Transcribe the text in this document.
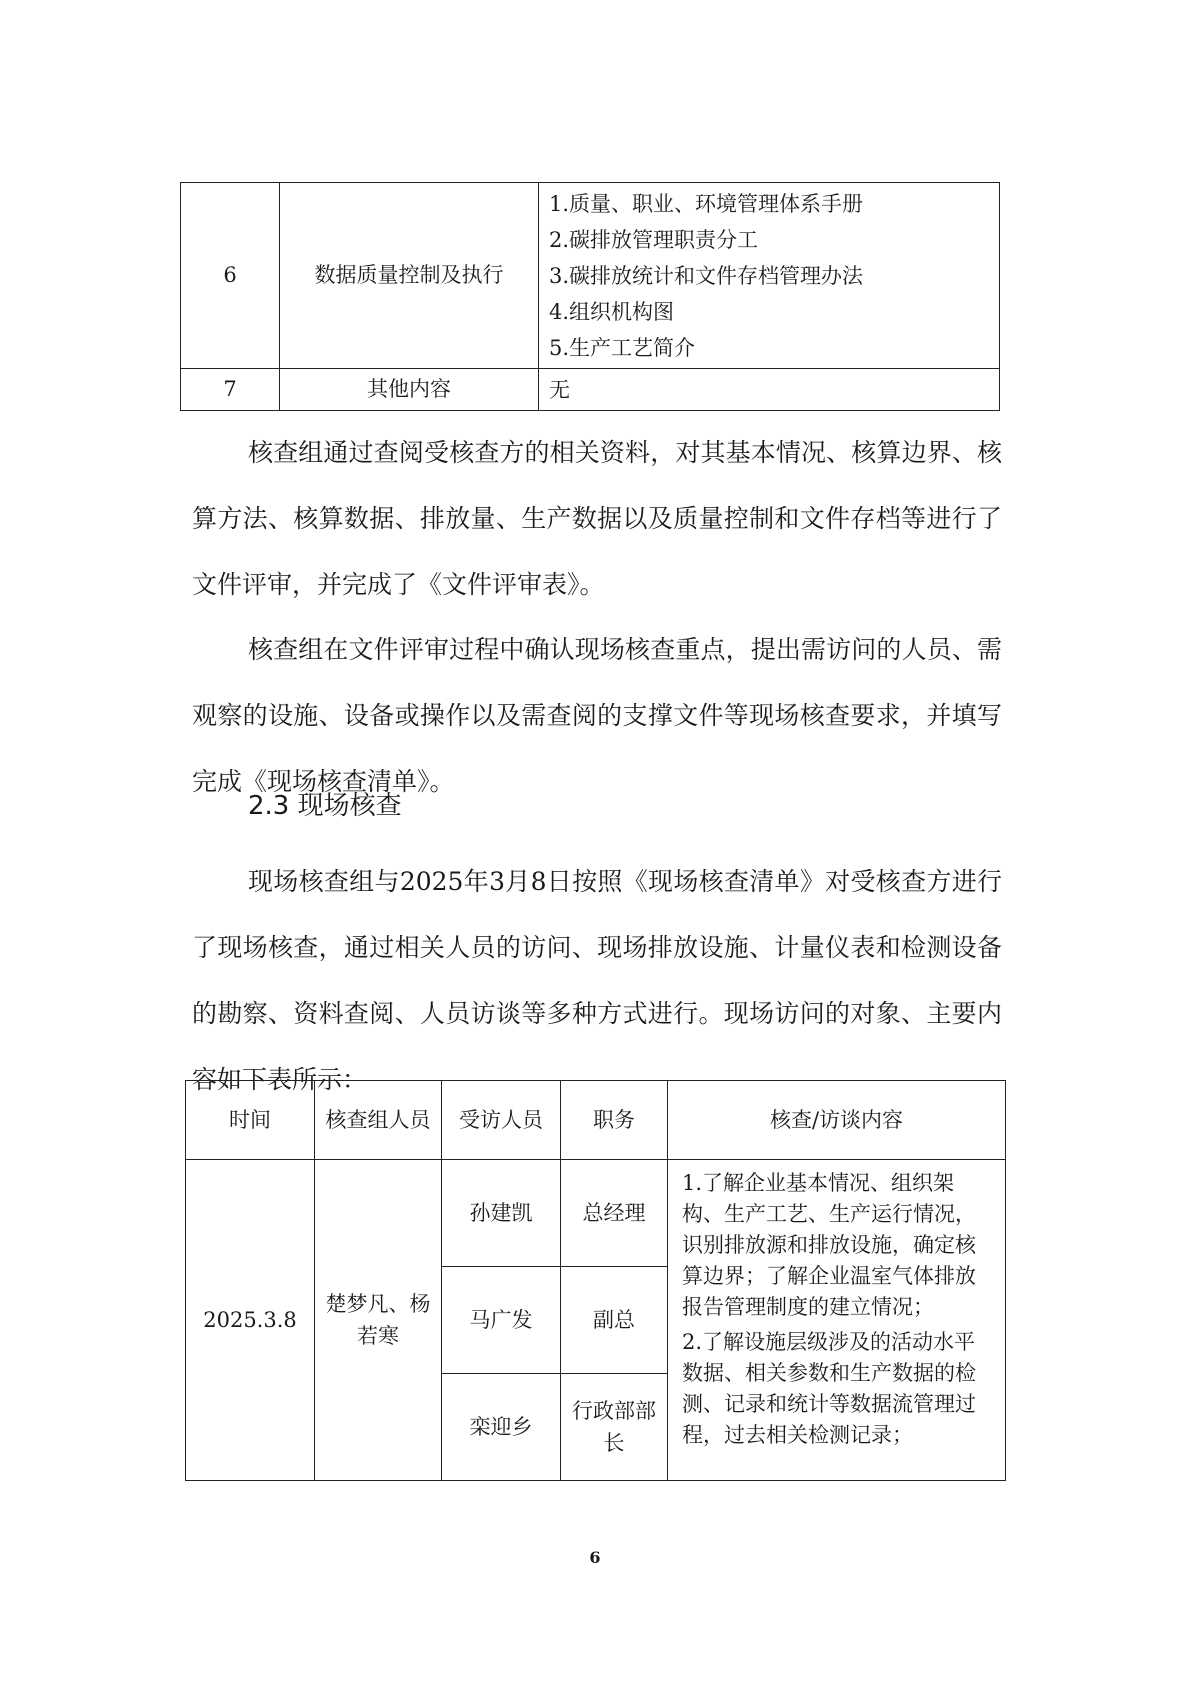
6	数据质量控制及执行	1.质量、职业、环境管理体系手册
2.碳排放管理职责分工
3.碳排放统计和文件存档管理办法
4.组织机构图
5.生产工艺简介

7	其他内容	无

核查组通过查阅受核查方的相关资料，对其基本情况、核算边界、核算方法、核算数据、排放量、生产数据以及质量控制和文件存档等进行了文件评审，并完成了《文件评审表》。

核查组在文件评审过程中确认现场核查重点，提出需访问的人员、需观察的设施、设备或操作以及需查阅的支撑文件等现场核查要求，并填写完成《现场核查清单》。

2.3 现场核查

现场核查组与2025年3月8日按照《现场核查清单》对受核查方进行了现场核查，通过相关人员的访问、现场排放设施、计量仪表和检测设备的勘察、资料查阅、人员访谈等多种方式进行。现场访问的对象、主要内容如下表所示：

时间	核查组人员	受访人员	职务	核查/访谈内容
2025.3.8	楚梦凡、杨若寒	孙建凯	总经理	1.了解企业基本情况、组织架构、生产工艺、生产运行情况，识别排放源和排放设施，确定核算边界；了解企业温室气体排放报告管理制度的建立情况；
2.了解设施层级涉及的活动水平数据、相关参数和生产数据的检测、记录和统计等数据流管理过程，过去相关检测记录；

		马广发	副总	
		栾迎乡	行政部部长	

6
